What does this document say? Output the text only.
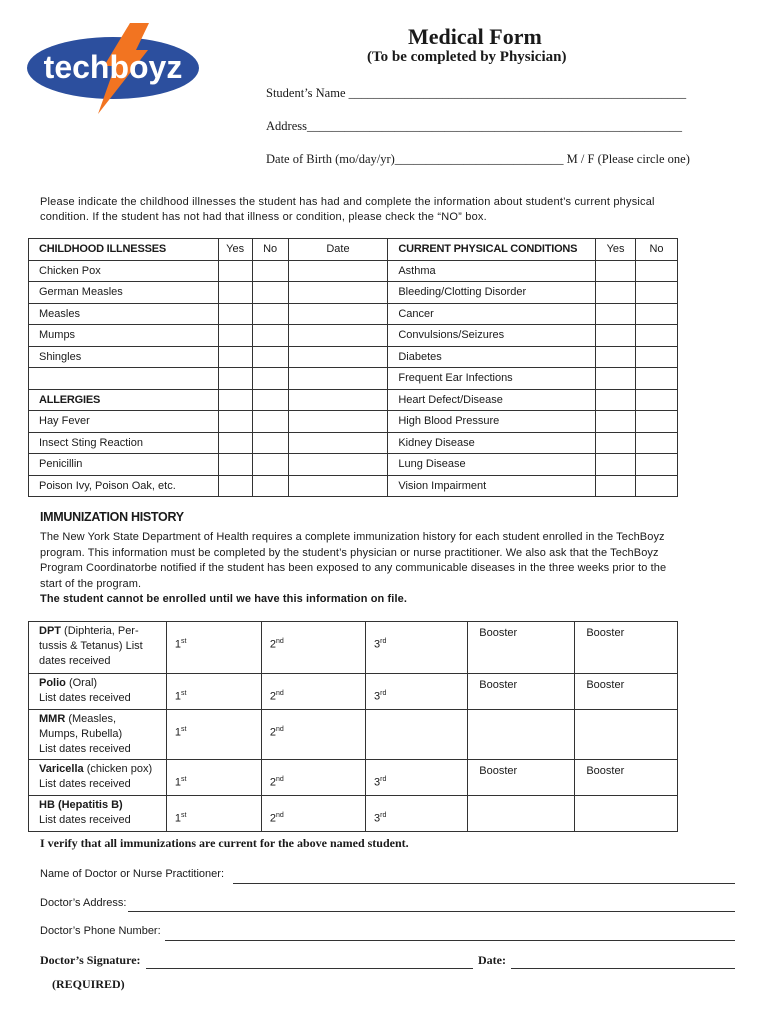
techboyz
Medical Form
(To be completed by Physician)
Student’s Name ______________________________________________________
Address____________________________________________________________
Date of Birth (mo/day/yr)___________________________ M / F (Please circle one)
Please indicate the childhood illnesses the student has had and complete the information about student’s current physical condition. If the student has not had that illness or condition, please check the “NO” box.
CHILDHOOD ILLNESSES	Yes	No	Date	CURRENT PHYSICAL CONDITIONS	Yes	No
Chicken Pox				Asthma		
German Measles				Bleeding/Clotting Disorder		
Measles				Cancer		
Mumps				Convulsions/Seizures		
Shingles				Diabetes		
				Frequent Ear Infections		
ALLERGIES				Heart Defect/Disease		
Hay Fever				High Blood Pressure		
Insect Sting Reaction				Kidney Disease		
Penicillin				Lung Disease		
Poison Ivy, Poison Oak, etc.				Vision Impairment		
IMMUNIZATION HISTORY
The New York State Department of Health requires a complete immunization history for each student enrolled in the TechBoyz program. This information must be completed by the student’s physician or nurse practitioner. We also ask that the TechBoyz Program Coordinatorbe notified if the student has been exposed to any communicable diseases in the three weeks prior to the start of the program.
The student cannot be enrolled until we have this information on file.
DPT (Diphteria, Per-
tussis & Tetanus) List
dates received	1st	2nd	3rd	Booster	Booster
Polio (Oral)
List dates received	1st	2nd	3rd	Booster	Booster
MMR (Measles,
Mumps, Rubella)
List dates received	1st	2nd			
Varicella (chicken pox)
List dates received	1st	2nd	3rd	Booster	Booster
HB (Hepatitis B)
List dates received	1st	2nd	3rd		
I verify that all immunizations are current for the above named student.
Name of Doctor or Nurse Practitioner:
Doctor’s Address:
Doctor’s Phone Number:
Doctor’s Signature:	Date:
(REQUIRED)
